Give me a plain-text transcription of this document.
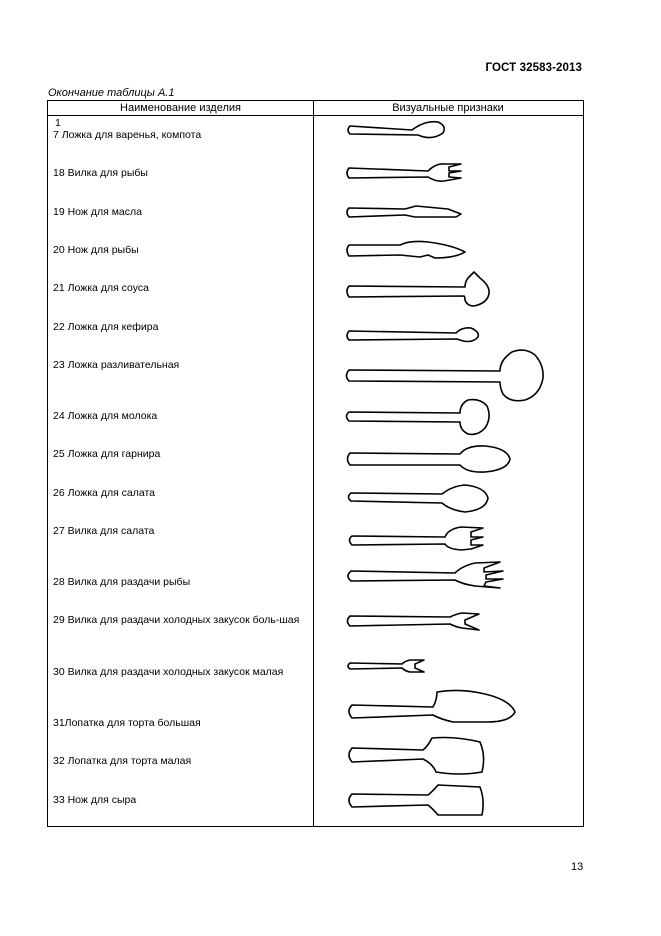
ГОСТ 32583-2013
Окончание таблицы А.1
Наименование изделия	Визуальные признаки
1
7 Ложка для варенья, компота
18 Вилка для рыбы
19 Нож для масла
20 Нож для рыбы
21 Ложка для соуса
22 Ложка для кефира
23 Ложка разливательная
24 Ложка для молока
25 Ложка для гарнира
26 Ложка для салата
27 Вилка для салата
28 Вилка для раздачи рыбы
29 Вилка для раздачи холодных закусок боль-шая
30 Вилка для раздачи холодных закусок малая
31Лопатка для торта большая
32 Лопатка для торта малая
33 Нож для сыра
13
